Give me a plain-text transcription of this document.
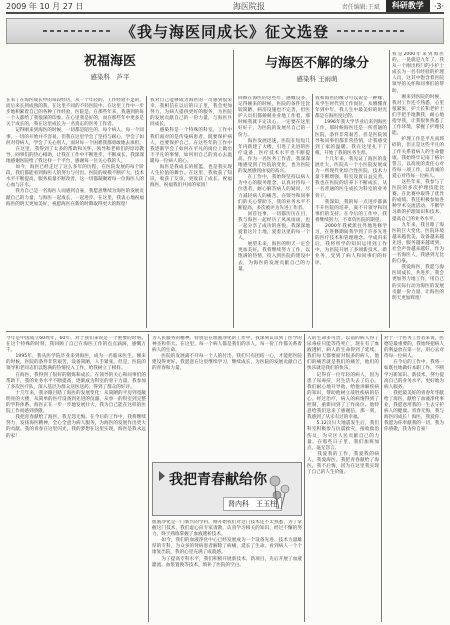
2009 年 10 月 27 日	海医院报	责任编辑:王斌	科研教学	·3·
《我与海医同成长》征文选登
祝福海医
感染科　芦平
在来了在海医成长中的每段经历，从一个年轻的、工作经验不足的，而后来长到成熟的我，在这里不同的不轻医院中。在这里工作中一步步地积累着自己的各种工作经验，医院是。在那些年来，我遇到的每一个人都给了我很深的印象。在心里我是好的，而在那些年中更多是关于成长的，我在这里成长为一名真正的医务工作者。
　　记得刚来到海医的时候，一切都是陌生的，每个病人、每一个同事。一切的开始并不容易，但我在这里学会了坚持与耐心，学会了如何对待病人，学会了关心别人，面对每一个困难我都勇敢地去承担。
　　在这里，我得到了太多的帮助和关怀，领导和老师们的谆谆教导，同事们的热心相助，让我在工作中不断进步，不断成长。我深深地感谢医院给了我这样一个平台，感谢每一位关心我的人。
　　如今，海医已经走过了这么多年的历程，在医院发展的每个阶段，我们都能看到海医人的努力与付出。医院的规模不断扩大，技术水平不断提高，服务质量不断改善，这一切都凝聚着每一位海医人的心血与汗水。
　　我为自己是一名海医人而感到自豪，我愿意继续为海医的发展贡献自己的力量，与海医一起成长，一起进步。在这里，我衷心地祝福海医的明天更加美好，祝愿海医在新的时期取得更大的辉煌！
我对自己能够成为海医的一员感到很荣幸，我相信在以后的日子里，我会更加努力，为病人提供更好的服务，为医院的发展贡献自己的一份力量，与海医共同成长。
　　感染科是一个特殊的科室，工作中我们面对的是传染病患者，既要保护病人，也要保护自己。在这些年的工作中我逐渐学会了如何在平凡的岗位上做出不平凡的事情，如何用自己的真心去温暖每一位病人的心。
　　海医是我成长的摇篮，也是我实现人生价值的舞台。在这里，我收获了知识，收获了友谊，更收获了成长。祝福海医，祝福我们共同的家园！
回顾在海医的这些年，感慨良多。记得刚来的时候，医院的条件还比较简陋，病房设施也不完善，但医护人员们都兢兢业业地工作着。那时候我就下定决心，一定要在这里好好干，为医院的发展尽自己的一份力。
　　海医发展迅速，医院在短短几年内新建了大楼，引进了先进的医疗设备，医疗技术水平也不断提高。作为一名医务工作者，我深深地感受到了医院的变化，也为医院的发展感到由衷的高兴。
　　在工作中，我始终坚持以病人为中心的服务理念，认真对待每一位患者，耐心解答病人的疑问，尽力减轻病人的痛苦。在领导和同事们的关心帮助下，我的业务水平不断提高，多次被评为先进工作者。
　　回首往事，一切都历历在目，我与海医一起经历了风风雨雨，也一起分享了成功的喜悦。我深深地爱着这片土地，爱着这里的每一个人。
　　展望未来，海医的明天一定会更加美好。我将继续努力工作，以饱满的热情，投入到医院的建设中去，为海医的发展贡献自己的力量。
与海医不解的缘分
感染科 王雨萌
我和海医的缘分可以说是一种缘，从学生时代到工作岗位，从懵懂青年到中年，我人生中最美好的时光都是在海医度过的。
　　1996年我大学毕业后来到海医工作，那时候海医还是一所普通的医院，条件非常艰苦。但是医院领导和同事们都非常热情，让我感受到了家的温暖。我在这里扎下了根，开始了我的医务生涯。
　　十几年来，我见证了海医的发展壮大，医院从一个小医院发展成为一所现代化综合性医院，技术力量不断增强，科室设置日益完善。我也在医院的培养下不断成长，从一名普通的医生成长为科室的业务骨干。
　　我深知，我的每一点进步都离不开医院的培养，离不开领导和同事们的支持。在今后的工作中，我将继续努力，不辜负医院的期望。
　　2000年我被派往外地进修学习，在进修期间我学到了许多先进的医疗技术和管理理念。学成归来后，我将所学的知识运用到工作中，为医院开展了多项新技术、新业务，受到了病人和同事们的好评。
我是2000年来到海医的，一晃就是九年了。我从一个刚出校门的小护士成长为一名有经验的护理人员，这其中饱含着医院领导的关怀和同事们的帮助。
　　刚来到医院的时候，我对工作还不熟悉，心里很紧张，护士长和老护士们手把手地教我，耐心地指导我，让我很快熟悉了工作环境，掌握了护理技能。
　　护理工作是平凡而琐碎的，但正是这些平凡的工作关系着病人的生命健康。我始终牢记南丁格尔誓言，以高度的责任心对待每一项工作，以真诚的爱心对待每一位病人。
　　这些年来，我参与了医院的多次护理技能比赛，在比赛中取得了优异的成绩。我还积极参加各种学术交流活动，不断学习新的护理知识和技术，提高自己的业务水平。
　　九年来，我目睹了海医的巨大变化。医院环境越来越优美，设备越来越先进，服务越来越周到，社会声誉越来越好。作为一名海医人，我感到无比的自豪。
　　我爱海医，我愿与海医同成长，共进步。我会更加努力地工作，用自己的实际行动为海医的发展贡献一份力量，让海医的明天更加辉煌！
今年是中国成立60周年，60年，对于我们来说是一个重要的时刻。在这个特殊的时刻，我回顾了自己在海医工作的点点滴滴，感慨万千。
　　1995年，我从医学院毕业来到海医，成为一名临床医生。刚来的时候，医院的条件非常艰苦，设备简陋，人手紧张。但是，医院的领导和老同志们以饱满的热情投入工作，给我树立了榜样。
　　在海医，我得到了很好的锻炼和成长。在领导的关心和同事们的帮助下，我的业务水平不断提高，逐渐成为科室的骨干力量。我参加了多次医疗队，深入基层为群众送医送药，得到了群众的好评。
　　十几年来，我亲眼目睹了海医的发展变化：从简陋的平房到宽敞明亮的大楼，从简单的医疗设备到先进的仪器，从单一的科室到完整的学科体系。海医正在一步一步地发展壮大，我为自己能在这样的医院工作而感到骄傲。
　　我把青春献给了海医，我无怨无悔。在今后的工作中，我将继续努力，发扬海医精神，全心全意为病人服务，为海医的发展作出更大的贡献。我的青春在这里闪光，我的梦想在这里实现，海医是我永远的家！
为人民服务的精神。特别是在血液净化的工作中，我深刻认识到了医学的神圣和伟大。在这里，每一个病人都是我们的亲人，每一份工作都关系着病人的生命。
　　医院的发展离不开每一个人的付出，我们只有团结一心，才能把医院建设得更好。我愿意在这里继续学习，继续成长，为医院的发展贡献自己的青春和力量。
我把青春献给你
肾内科　王玉柱
血液净化是一门新兴的学科，刚开始我们对这门技术还不太熟悉，为了掌握这门技术，我们虚心向专家请教，认真学习相关的知识，经过不懈的努力，终于熟练掌握了血液透析技术。
　　如今，我们的血液净化中心已经发展成为一个设备先进、技术力量雄厚的专科，为众多的肾病患者解除了病痛，延长了生命。看到病人一个个康复出院，我的心里充满了成就感。
　　为了提高专科水平，我们积极开展新技术、新项目，先后开展了血液灌流、血浆置换等技术，填补了医院的空白。
人的生命多可贵。以前的病人得了尿毒症只能等待死亡，现在有了血液透析，病人的生命得到了延续。我们每天都要面对很多的病人，他们的痛苦就是我们的痛苦，他们的快乐就是我们的快乐。
　　记得有一位年轻的病人，因为患了尿毒症，对生活失去了信心。我们耐心地开导他，给他讲解疾病的知识，帮助他树立战胜疾病的信心。经过治疗，病人的病情得到了控制，重新回到了工作岗位。他特意给我们送来了感谢信，那一刻，我感到了从未有过的幸福。
　　5.12汶川大地震发生后，我们科室积极参与抗震救灾，接收救治伤员，为灾区人民贡献自己的力量。在那些日子里，我们加班加点，毫无怨言。
　　我爱我的工作，我爱我的病人，我爱海医。我把青春献给了海医，我不后悔，因为在这里我实现了自己的人生价值。
对于一个医务工作者来说，医德是最重要的，我始终把病人的利益放在第一位，用心去对待每一位病人。
　　在今后的工作中，我将一如既往地做好本职工作，不断学习新知识、新技术，努力提高自己的业务水平，更好地为病人服务。
　　我把最美好的青春年华献给了海医，献给了血液净化事业，我愿意用我的一生去守护病人的健康。青春无悔，我与海医同成长！海医，我爱你，我愿为你奉献我的一切，我为你骄傲，我为你自豪！
